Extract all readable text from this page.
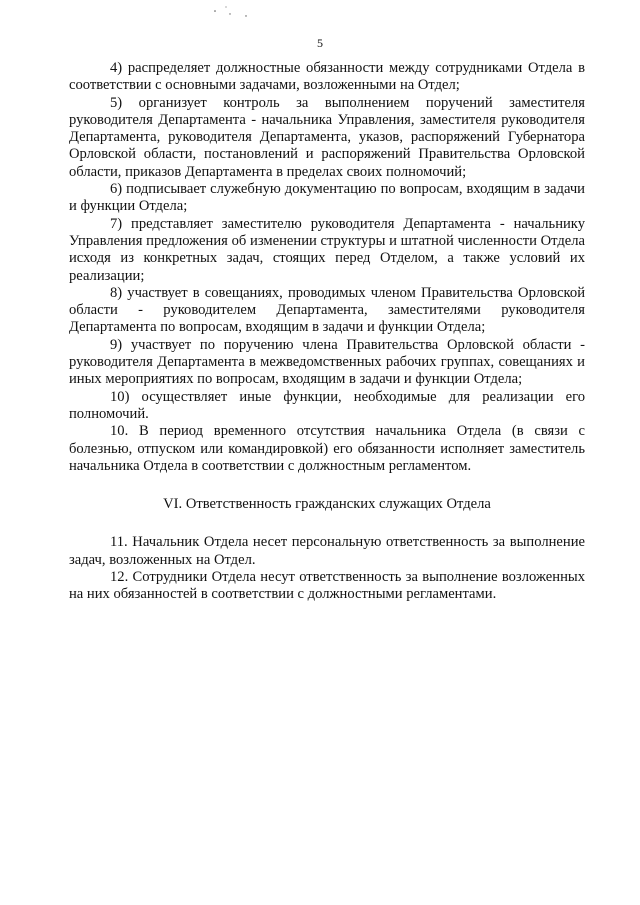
5

4) распределяет должностные обязанности между сотрудниками Отдела в соответствии с основными задачами, возложенными на Отдел;

5) организует контроль за выполнением поручений заместителя руководителя Департамента - начальника Управления, заместителя руководителя Департамента, руководителя Департамента, указов, распоряжений Губернатора Орловской области, постановлений и распоряжений Правительства Орловской области, приказов Департамента в пределах своих полномочий;

6) подписывает служебную документацию по вопросам, входящим в задачи и функции Отдела;

7) представляет заместителю руководителя Департамента - начальнику Управления предложения об изменении структуры и штатной численности Отдела исходя из конкретных задач, стоящих перед Отделом, а также условий их реализации;

8) участвует в совещаниях, проводимых членом Правительства Орловской области - руководителем Департамента, заместителями руководителя Департамента по вопросам, входящим в задачи и функции Отдела;

9) участвует по поручению члена Правительства Орловской области - руководителя Департамента в межведомственных рабочих группах, совещаниях и иных мероприятиях по вопросам, входящим в задачи и функции Отдела;

10) осуществляет иные функции, необходимые для реализации его полномочий.

10. В период временного отсутствия начальника Отдела (в связи с болезнью, отпуском или командировкой) его обязанности исполняет заместитель начальника Отдела в соответствии с должностным регламентом.

VI. Ответственность гражданских служащих Отдела

11. Начальник Отдела несет персональную ответственность за выполнение задач, возложенных на Отдел.

12. Сотрудники Отдела несут ответственность за выполнение возложенных на них обязанностей в соответствии с должностными регламентами.
